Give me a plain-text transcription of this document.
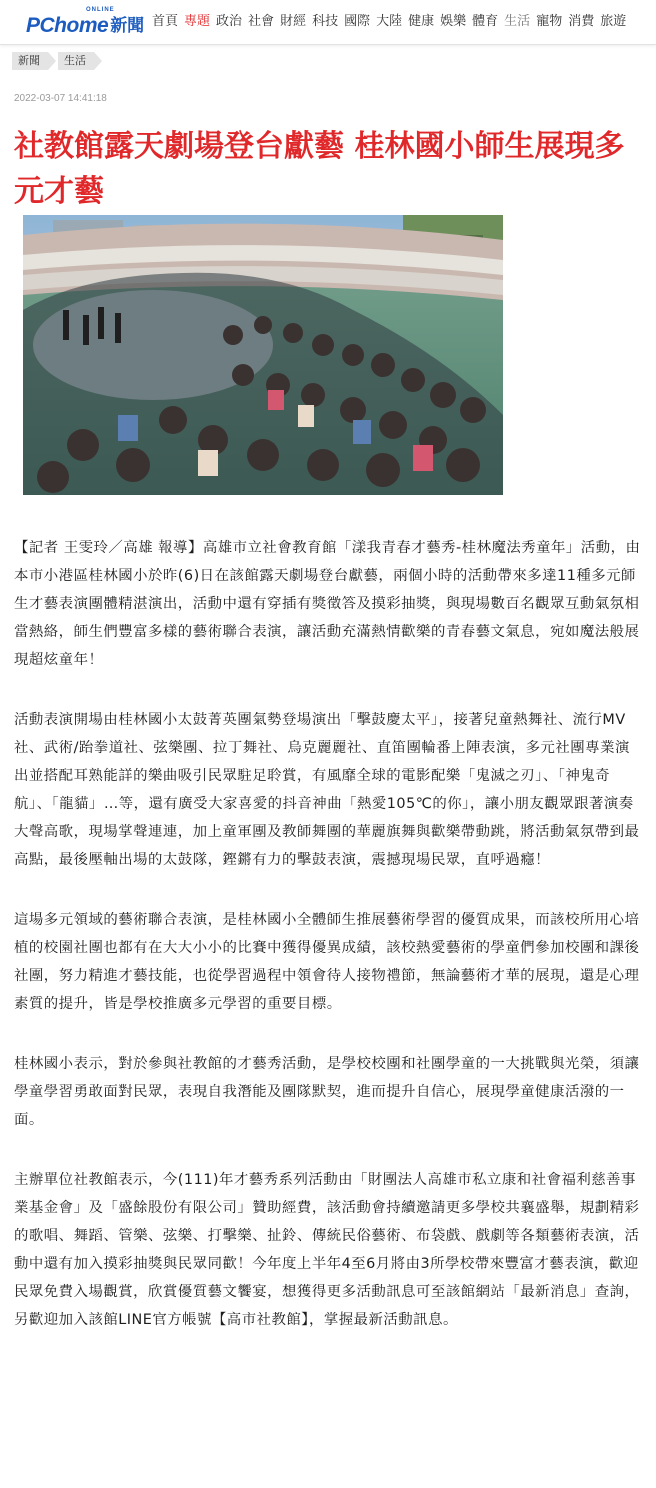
ONLINE
PChome 新聞 首頁 專題 政治 社會 財經 科技 國際 大陸 健康 娛樂 體育 生活 寵物 消費 旅遊
新聞	生活
2022-03-07 14:41:18
社教館露天劇場登台獻藝 桂林國小師生展現多元才藝

【記者 王雯玲／高雄 報導】高雄市立社會教育館「漾我青春才藝秀-桂林魔法秀童年」活動，由本市小港區桂林國小於昨(6)日在該館露天劇場登台獻藝，兩個小時的活動帶來多達11種多元師生才藝表演團體精湛演出，活動中還有穿插有獎徵答及摸彩抽獎，與現場數百名觀眾互動氣氛相當熱絡，師生們豐富多樣的藝術聯合表演，讓活動充滿熱情歡樂的青春藝文氣息，宛如魔法般展現超炫童年！

活動表演開場由桂林國小太鼓菁英團氣勢登場演出「擊鼓慶太平」，接著兒童熱舞社、流行MV社、武術/跆拳道社、弦樂團、拉丁舞社、烏克麗麗社、直笛團輪番上陣表演，多元社團專業演出並搭配耳熟能詳的樂曲吸引民眾駐足聆賞，有風靡全球的電影配樂「鬼滅之刃」、「神鬼奇航」、「龍貓」…等，還有廣受大家喜愛的抖音神曲「熱愛105℃的你」，讓小朋友觀眾跟著演奏大聲高歌，現場掌聲連連，加上童軍團及教師舞團的華麗旗舞與歡樂帶動跳，將活動氣氛帶到最高點，最後壓軸出場的太鼓隊，鏗鏘有力的擊鼓表演，震撼現場民眾，直呼過癮！

這場多元領域的藝術聯合表演，是桂林國小全體師生推展藝術學習的優質成果，而該校所用心培植的校園社團也都有在大大小小的比賽中獲得優異成績，該校熱愛藝術的學童們參加校團和課後社團，努力精進才藝技能，也從學習過程中領會待人接物禮節，無論藝術才華的展現，還是心理素質的提升，皆是學校推廣多元學習的重要目標。

桂林國小表示，對於參與社教館的才藝秀活動，是學校校團和社團學童的一大挑戰與光榮，須讓學童學習勇敢面對民眾，表現自我潛能及團隊默契，進而提升自信心，展現學童健康活潑的一面。

主辦單位社教館表示，今(111)年才藝秀系列活動由「財團法人高雄市私立康和社會福利慈善事業基金會」及「盛餘股份有限公司」贊助經費，該活動會持續邀請更多學校共襄盛舉，規劃精彩的歌唱、舞蹈、管樂、弦樂、打擊樂、扯鈴、傳統民俗藝術、布袋戲、戲劇等各類藝術表演，活動中還有加入摸彩抽獎與民眾同歡！今年度上半年4至6月將由3所學校帶來豐富才藝表演，歡迎民眾免費入場觀賞，欣賞優質藝文饗宴，想獲得更多活動訊息可至該館網站「最新消息」查詢，另歡迎加入該館LINE官方帳號【高市社教館】，掌握最新活動訊息。
